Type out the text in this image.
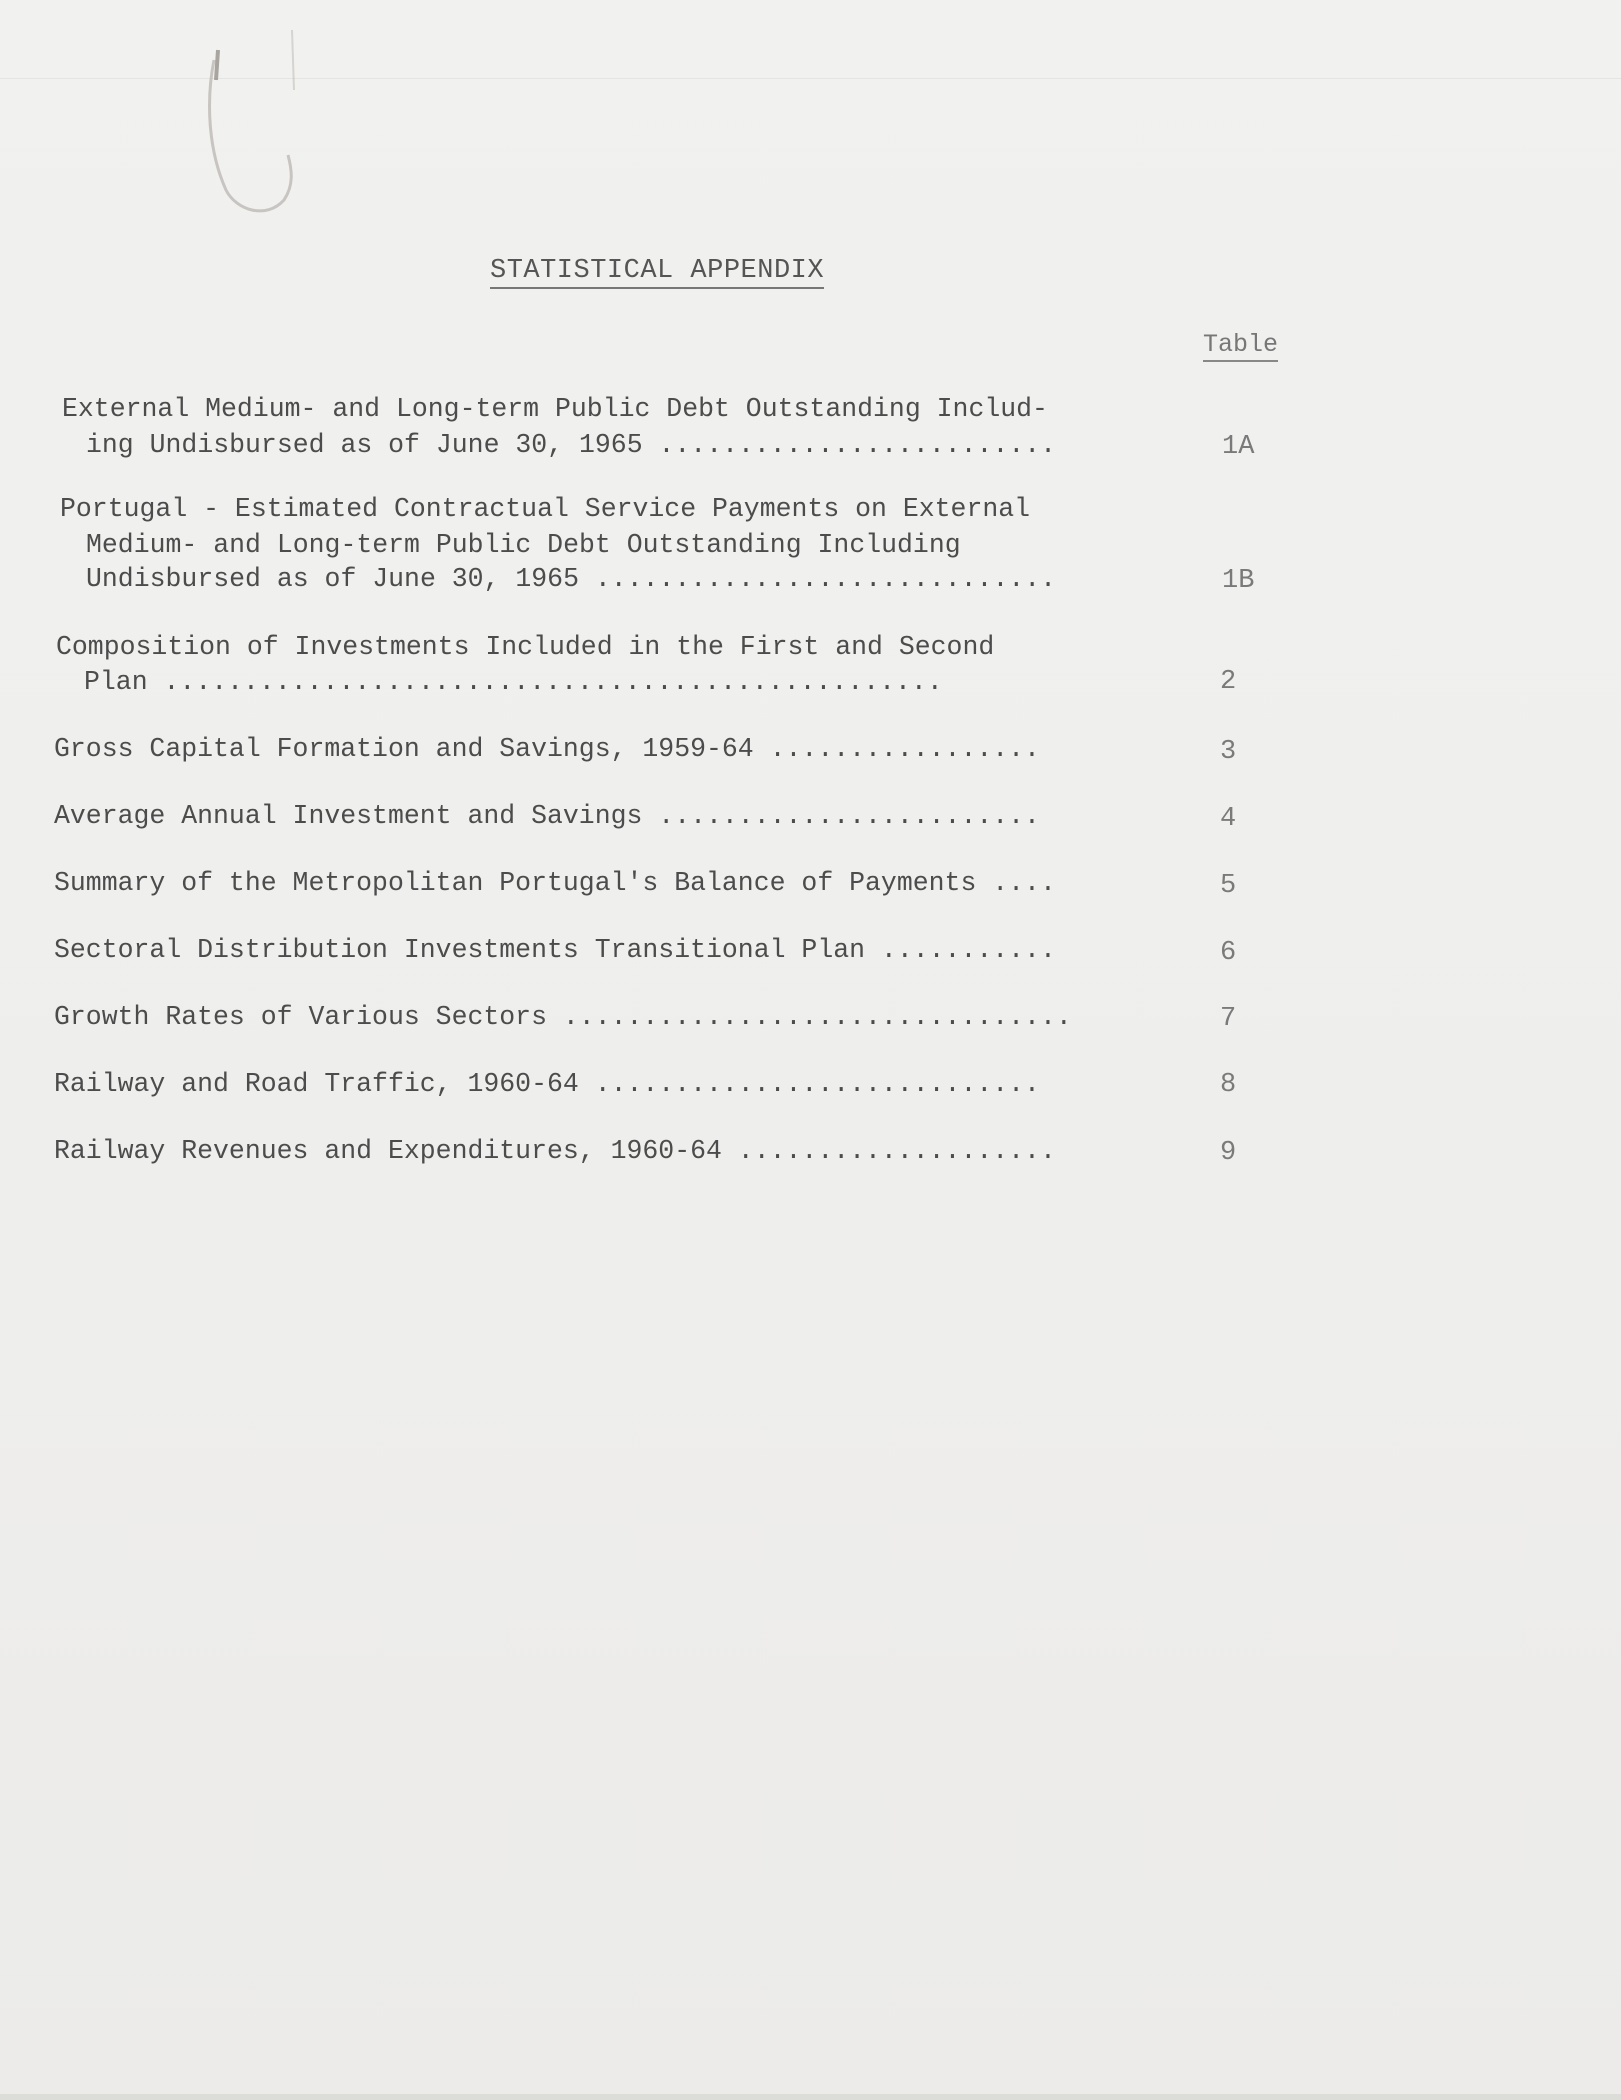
STATISTICAL APPENDIX
Table
External Medium- and Long-term Public Debt Outstanding Includ-
ing Undisbursed as of June 30, 1965 .........................	1A
Portugal - Estimated Contractual Service Payments on External
Medium- and Long-term Public Debt Outstanding Including
Undisbursed as of June 30, 1965 .............................	1B
Composition of Investments Included in the First and Second
Plan .................................................	2
Gross Capital Formation and Savings, 1959-64 .................	3
Average Annual Investment and Savings ........................	4
Summary of the Metropolitan Portugal's Balance of Payments ....	5
Sectoral Distribution Investments Transitional Plan ...........	6
Growth Rates of Various Sectors ................................	7
Railway and Road Traffic, 1960-64 ............................	8
Railway Revenues and Expenditures, 1960-64 ....................	9
